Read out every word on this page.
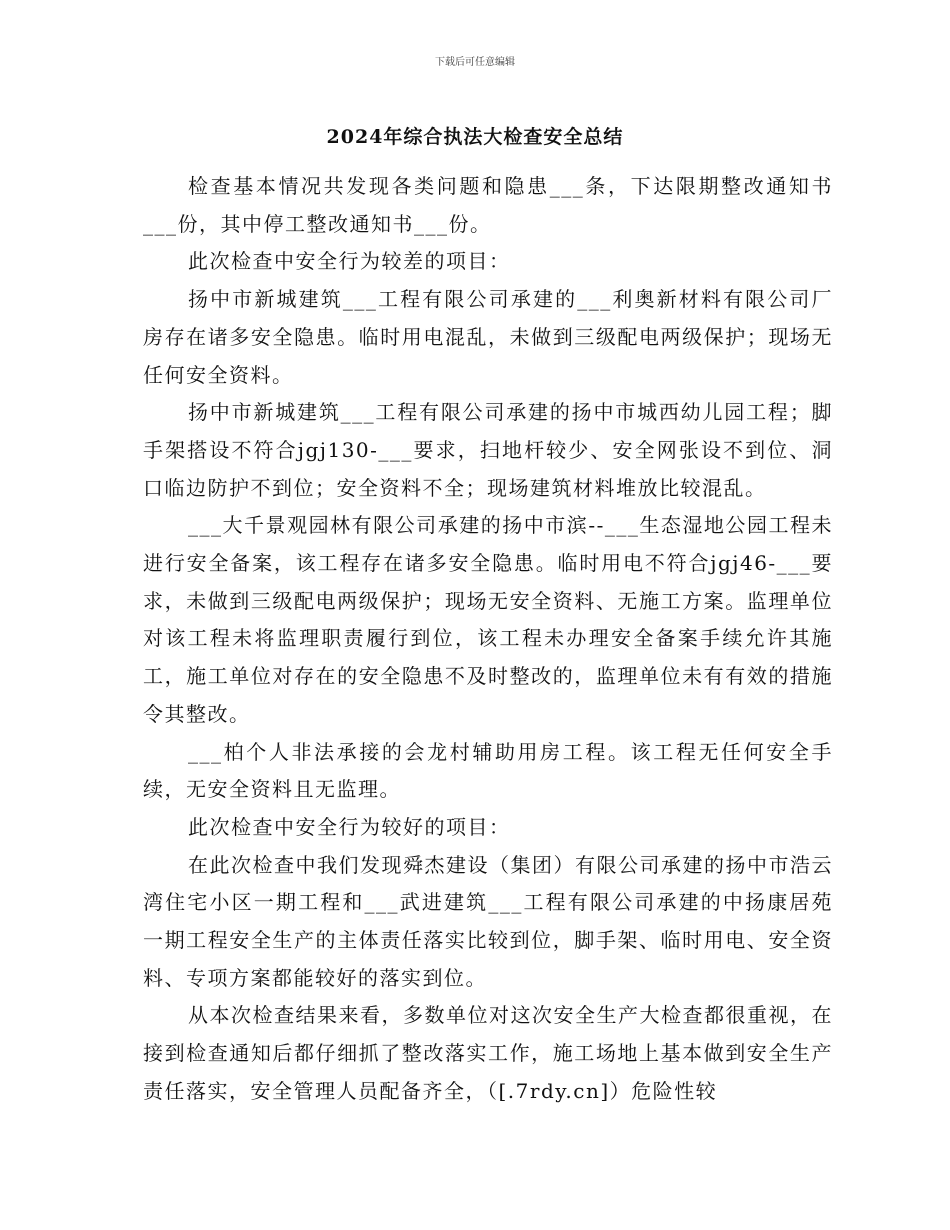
下载后可任意编辑
2024年综合执法大检查安全总结

检查基本情况共发现各类问题和隐患___条，下达限期整改通知书___份，其中停工整改通知书___份。

此次检查中安全行为较差的项目：

扬中市新城建筑___工程有限公司承建的___利奥新材料有限公司厂房存在诸多安全隐患。临时用电混乱，未做到三级配电两级保护；现场无任何安全资料。

扬中市新城建筑___工程有限公司承建的扬中市城西幼儿园工程；脚手架搭设不符合jgj130-___要求，扫地杆较少、安全网张设不到位、洞口临边防护不到位；安全资料不全；现场建筑材料堆放比较混乱。

___大千景观园林有限公司承建的扬中市滨--___生态湿地公园工程未进行安全备案，该工程存在诸多安全隐患。临时用电不符合jgj46-___要求，未做到三级配电两级保护；现场无安全资料、无施工方案。监理单位对该工程未将监理职责履行到位，该工程未办理安全备案手续允许其施工，施工单位对存在的安全隐患不及时整改的，监理单位未有有效的措施令其整改。

___柏个人非法承接的会龙村辅助用房工程。该工程无任何安全手续，无安全资料且无监理。

此次检查中安全行为较好的项目：

在此次检查中我们发现舜杰建设（集团）有限公司承建的扬中市浩云湾住宅小区一期工程和___武进建筑___工程有限公司承建的中扬康居苑一期工程安全生产的主体责任落实比较到位，脚手架、临时用电、安全资料、专项方案都能较好的落实到位。

从本次检查结果来看，多数单位对这次安全生产大检查都很重视，在接到检查通知后都仔细抓了整改落实工作，施工场地上基本做到安全生产责任落实，安全管理人员配备齐全，（[.7rdy.cn]）危险性较
